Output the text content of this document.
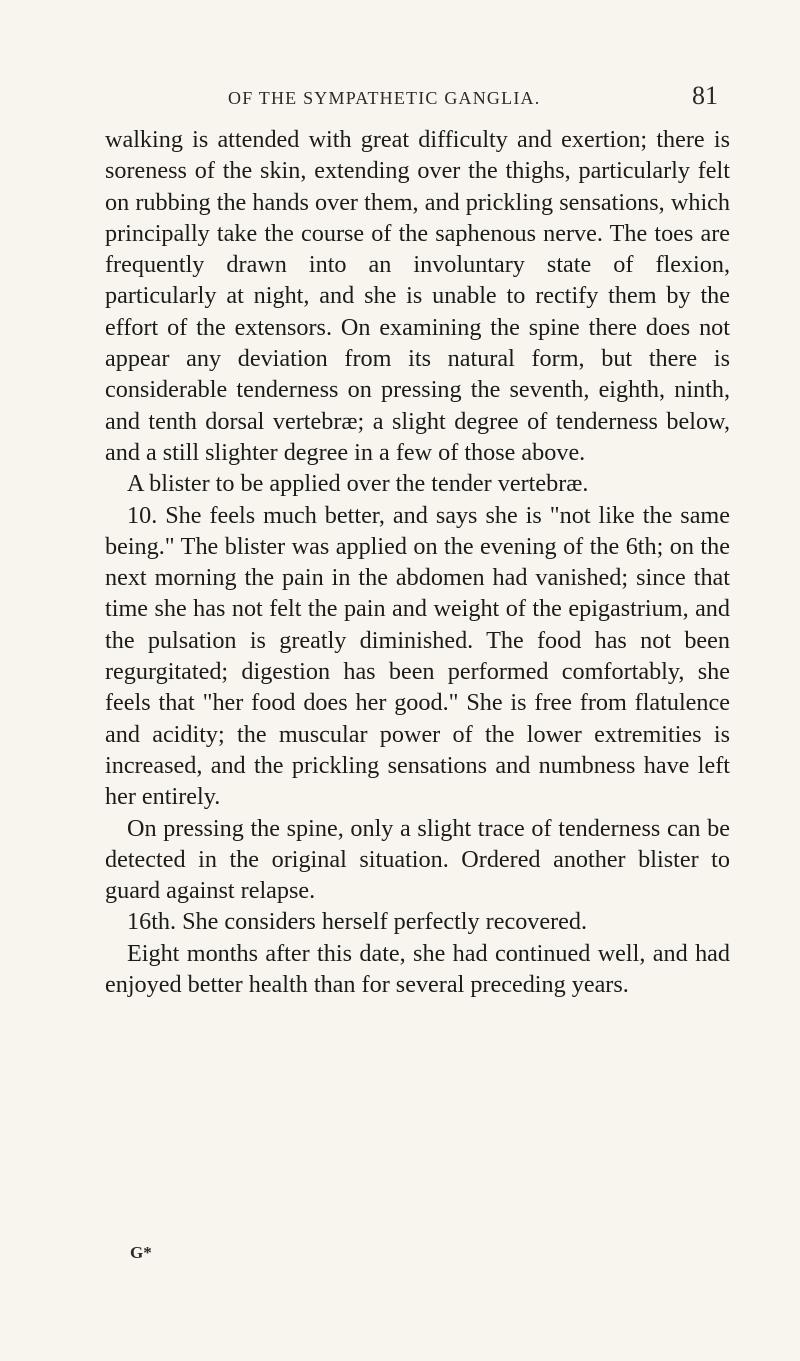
OF THE SYMPATHETIC GANGLIA.	81

walking is attended with great difficulty and exertion; there is soreness of the skin, extending over the thighs, particularly felt on rubbing the hands over them, and prickling sensations, which principally take the course of the saphenous nerve. The toes are frequently drawn into an involuntary state of flexion, particularly at night, and she is unable to rectify them by the effort of the extensors. On examining the spine there does not appear any deviation from its natural form, but there is considerable tenderness on pressing the seventh, eighth, ninth, and tenth dorsal vertebræ; a slight degree of tenderness below, and a still slighter degree in a few of those above.

A blister to be applied over the tender vertebræ.

10. She feels much better, and says she is "not like the same being." The blister was applied on the evening of the 6th; on the next morning the pain in the abdomen had vanished; since that time she has not felt the pain and weight of the epigastrium, and the pulsation is greatly diminished. The food has not been regurgitated; digestion has been performed comfortably, she feels that "her food does her good." She is free from flatulence and acidity; the muscular power of the lower extremities is increased, and the prickling sensations and numbness have left her entirely.

On pressing the spine, only a slight trace of tenderness can be detected in the original situation. Ordered another blister to guard against relapse.

16th. She considers herself perfectly recovered.

Eight months after this date, she had continued well, and had enjoyed better health than for several preceding years.

G*
